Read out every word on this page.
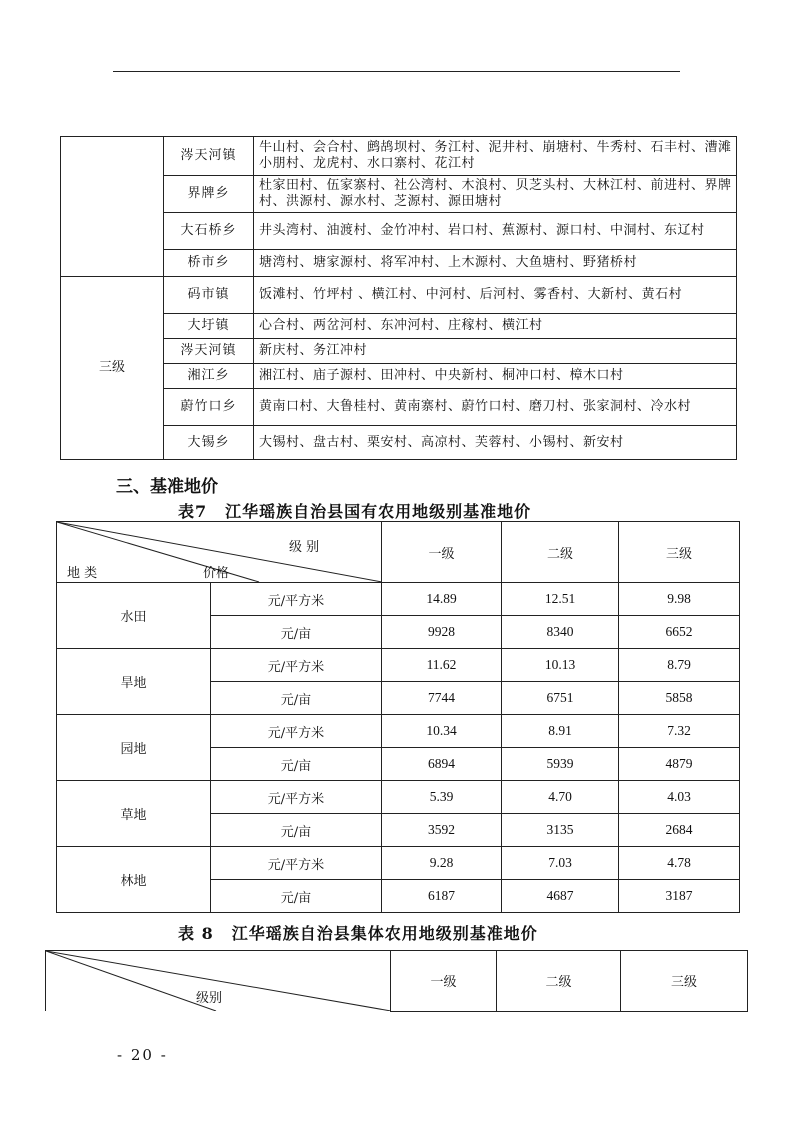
	涔天河镇	牛山村、会合村、鹧鸪坝村、务江村、泥井村、崩塘村、牛秀村、石丰村、漕滩小朋村、龙虎村、水口寨村、花江村
	界牌乡	杜家田村、伍家寨村、社公湾村、木浪村、贝芝头村、大林江村、前进村、界牌村、洪源村、源水村、芝源村、源田塘村
	大石桥乡	井头湾村、油渡村、金竹冲村、岩口村、蕉源村、源口村、中洞村、东辽村
	桥市乡	塘湾村、塘家源村、将军冲村、上木源村、大鱼塘村、野猪桥村
三级	码市镇	饭滩村、竹坪村 、横江村、中河村、后河村、雾香村、大新村、黄石村
	大圩镇	心合村、两岔河村、东冲河村、庄稼村、横江村
	涔天河镇	新庆村、务江冲村
	湘江乡	湘江村、庙子源村、田冲村、中央新村、桐冲口村、樟木口村
	蔚竹口乡	黄南口村、大鲁桂村、黄南寨村、蔚竹口村、磨刀村、张家洞村、冷水村
	大锡乡	大锡村、盘古村、栗安村、高凉村、芙蓉村、小锡村、新安村
三、基准地价
表7 江华瑶族自治县国有农用地级别基准地价
级 别
价格
地 类		一级	二级	三级
水田	元/平方米	14.89	12.51	9.98
	元/亩	9928	8340	6652
旱地	元/平方米	11.62	10.13	8.79
	元/亩	7744	6751	5858
园地	元/平方米	10.34	8.91	7.32
	元/亩	6894	5939	4879
草地	元/平方米	5.39	4.70	4.03
	元/亩	3592	3135	2684
林地	元/平方米	9.28	7.03	4.78
	元/亩	6187	4687	3187
表 8 江华瑶族自治县集体农用地级别基准地价
级别
	一级	二级	三级
- 20 -
